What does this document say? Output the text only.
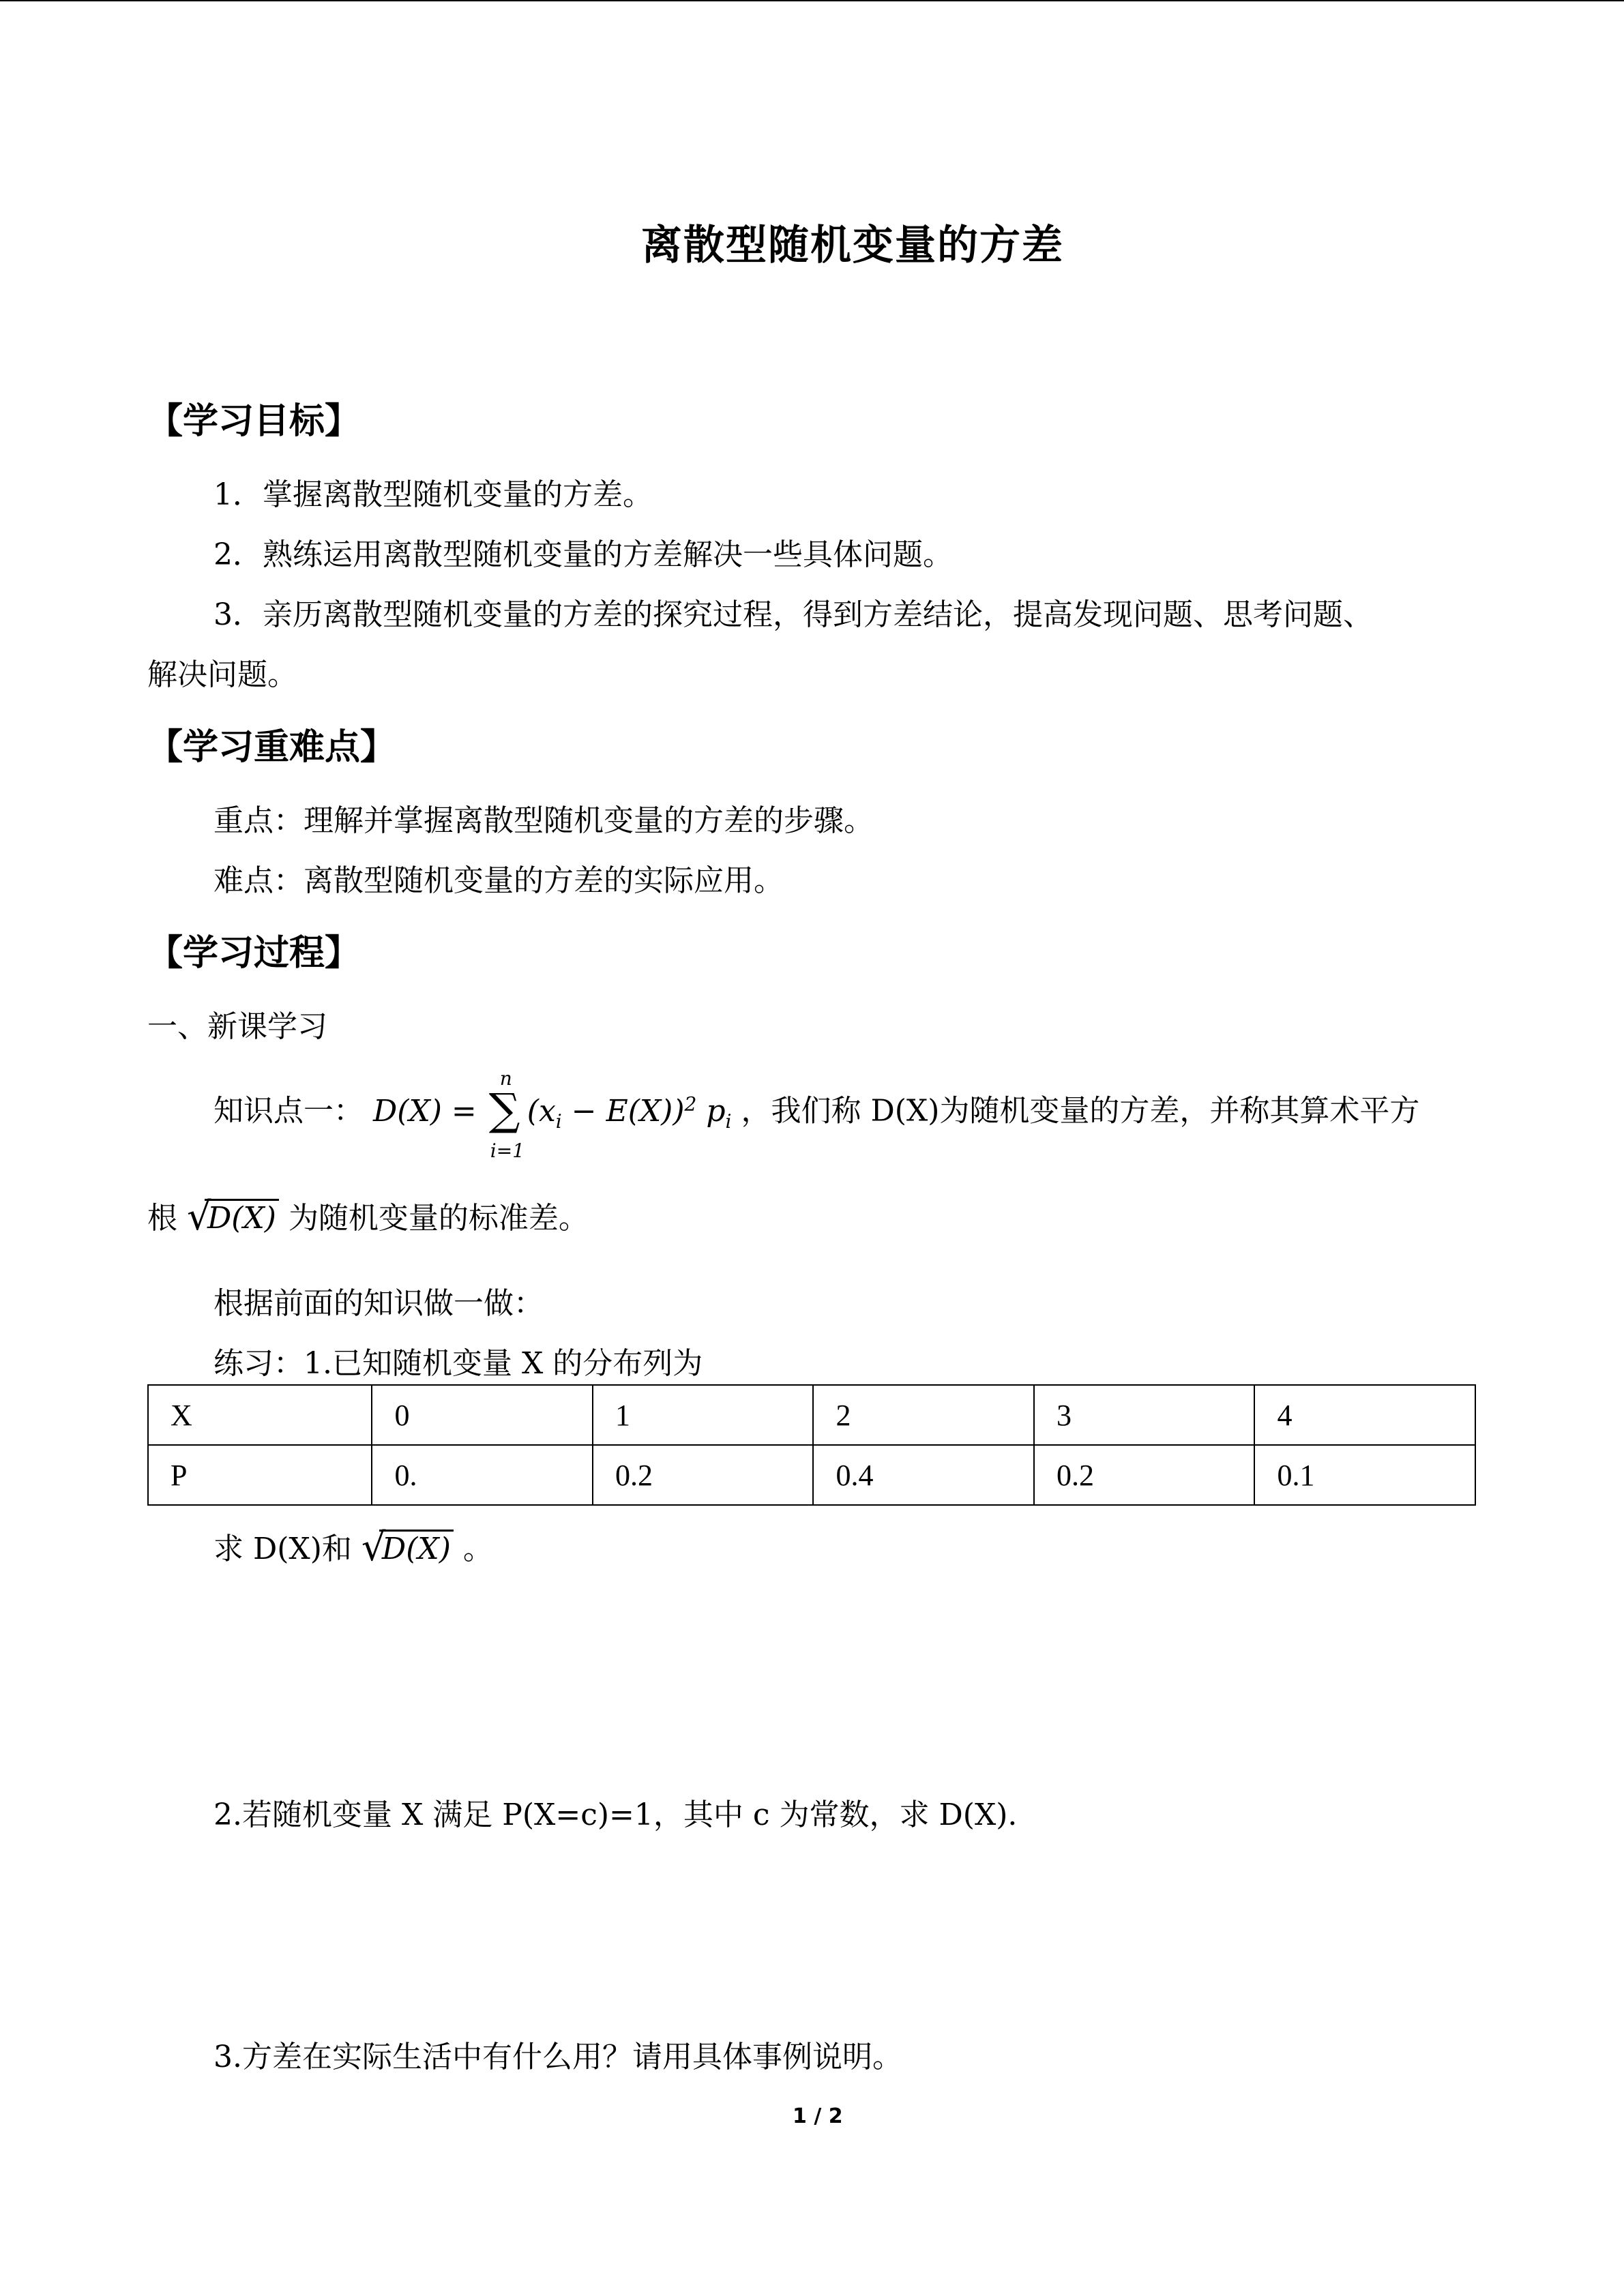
离散型随机变量的方差
【学习目标】
1．掌握离散型随机变量的方差。
2．熟练运用离散型随机变量的方差解决一些具体问题。
3．亲历离散型随机变量的方差的探究过程，得到方差结论，提高发现问题、思考问题、
解决问题。
【学习重难点】
重点：理解并掌握离散型随机变量的方差的步骤。
难点：离散型随机变量的方差的实际应用。
【学习过程】
一、新课学习
知识点一： D(X) = ∑
n
i=1
$(x_i - E(X))^2$ $p_i$ ，我们称 D(X)为随机变量的方差，并称其算术平方
根 √
D(X) 为随机变量的标准差。
根据前面的知识做一做：
练习：1.已知随机变量 X 的分布列为
X	0	1	2	3	4
P	0.	0.2	0.4	0.2	0.1
求 D(X)和 √
D(X) 。
2.若随机变量 X 满足 P(X=c)=1，其中 c 为常数，求 D(X).
3.方差在实际生活中有什么用？请用具体事例说明。
1 / 2
